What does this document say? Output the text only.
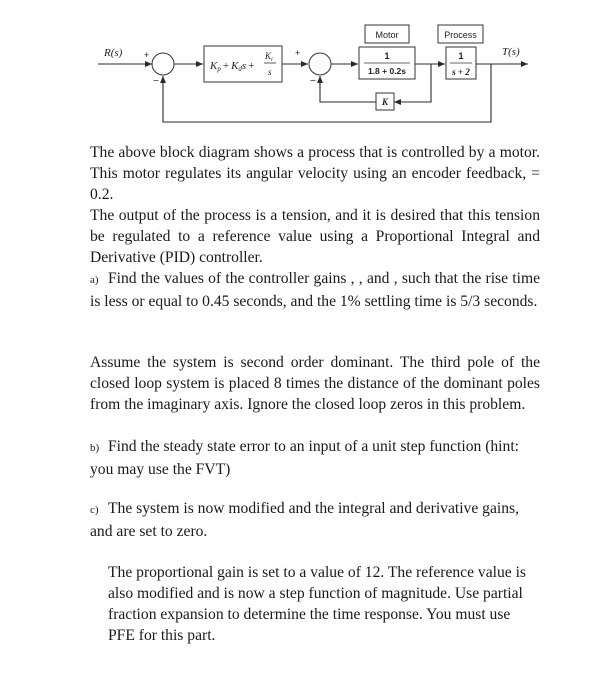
R(s) +
−
Kp + Kds +
$K_i$
s
+
−
Motor
1
1.8 + 0.2s
Process
1
s + 2
T(s)
K

The above block diagram shows a process that is controlled by a motor. This motor regulates its angular velocity using an encoder feedback, = 0.2.

The output of the process is a tension, and it is desired that this tension be regulated to a reference value using a Proportional Integral and Derivative (PID) controller.

a) Find the values of the controller gains , , and , such that the rise time is less or equal to 0.45 seconds, and the 1% settling time is 5/3 seconds.

Assume the system is second order dominant. The third pole of the closed loop system is placed 8 times the distance of the dominant poles from the imaginary axis. Ignore the closed loop zeros in this problem.

b) Find the steady state error to an input of a unit step function (hint: you may use the FVT)
c) The system is now modified and the integral and derivative gains, and are set to zero.

The proportional gain is set to a value of 12. The reference value is also modified and is now a step function of magnitude. Use partial fraction expansion to determine the time response. You must use PFE for this part.
